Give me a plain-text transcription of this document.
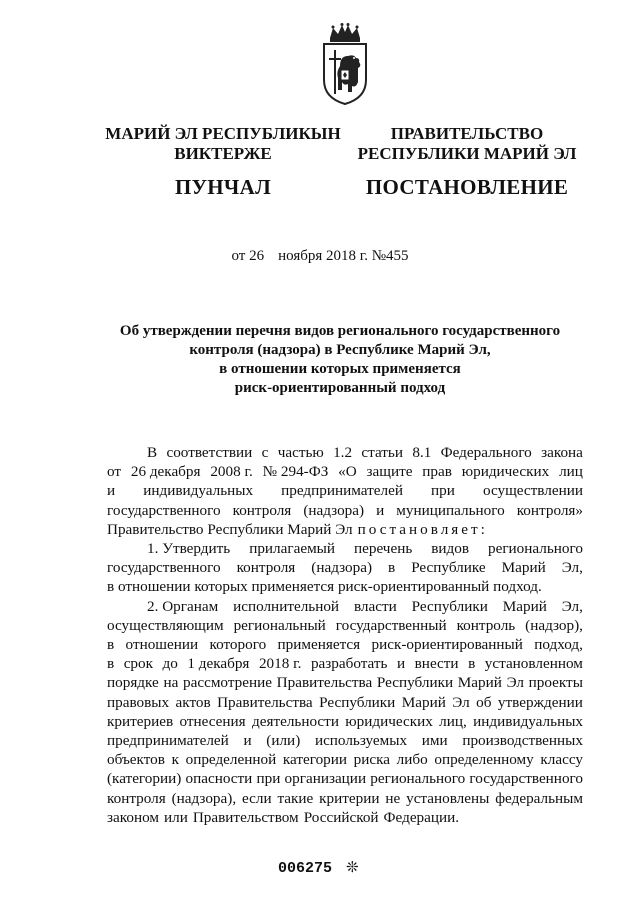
МАРИЙ ЭЛ РЕСПУБЛИКЫН
ВИКТЕРЖЕ
ПУНЧАЛ
ПРАВИТЕЛЬСТВО
РЕСПУБЛИКИ МАРИЙ ЭЛ
ПОСТАНОВЛЕНИЕ
от 26 ноября 2018 г. №455
Об утверждении перечня видов регионального государственного
контроля (надзора) в Республике Марий Эл,
в отношении которых применяется
риск-ориентированный подход
В соответствии с частью 1.2 статьи 8.1 Федерального закона
от 26 декабря 2008 г. № 294-ФЗ «О защите прав юридических лиц
и индивидуальных предпринимателей при осуществлении
государственного контроля (надзора) и муниципального контроля»
Правительство Республики Марий Эл постановляет:
1. Утвердить прилагаемый перечень видов регионального
государственного контроля (надзора) в Республике Марий Эл,
в отношении которых применяется риск-ориентированный подход.
2. Органам исполнительной власти Республики Марий Эл,
осуществляющим региональный государственный контроль (надзор),
в отношении которого применяется риск-ориентированный подход,
в срок до 1 декабря 2018 г. разработать и внести в установленном
порядке на рассмотрение Правительства Республики Марий Эл проекты
правовых актов Правительства Республики Марий Эл об утверждении
критериев отнесения деятельности юридических лиц, индивидуальных
предпринимателей и (или) используемых ими производственных
объектов к определенной категории риска либо определенному классу
(категории) опасности при организации регионального государственного
контроля (надзора), если такие критерии не установлены федеральным
законом или Правительством Российской Федерации.
006275 ❊
